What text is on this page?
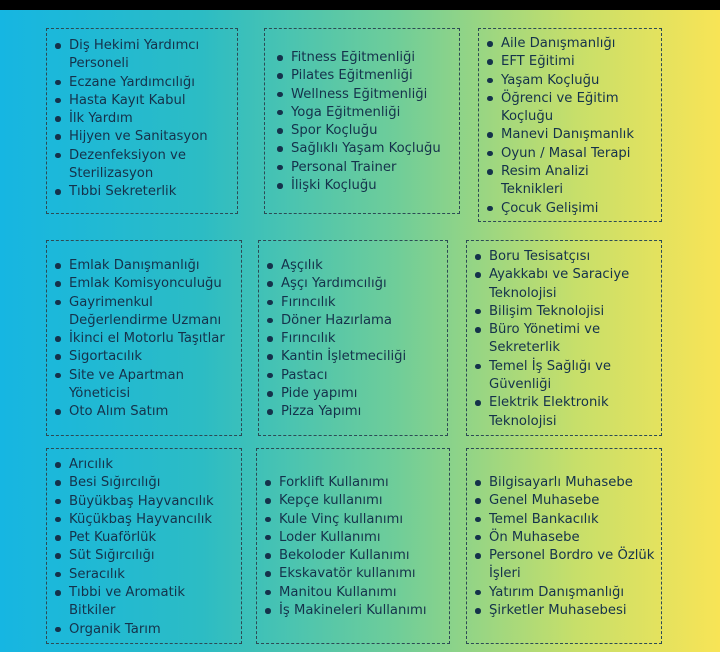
Diş Hekimi Yardımcı Personeli
Eczane Yardımcılığı
Hasta Kayıt Kabul
İlk Yardım
Hijyen ve Sanitasyon
Dezenfeksiyon ve Sterilizasyon
Tıbbi Sekreterlik
Fitness Eğitmenliği
Pilates Eğitmenliği
Wellness Eğitmenliği
Yoga Eğitmenliği
Spor Koçluğu
Sağlıklı Yaşam Koçluğu
Personal Trainer
İlişki Koçluğu
Aile Danışmanlığı
EFT Eğitimi
Yaşam Koçluğu
Öğrenci ve Eğitim Koçluğu
Manevi Danışmanlık
Oyun / Masal Terapi
Resim Analizi Teknikleri
Çocuk Gelişimi
Emlak Danışmanlığı
Emlak Komisyonculuğu
Gayrimenkul Değerlendirme Uzmanı
İkinci el Motorlu Taşıtlar
Sigortacılık
Site ve Apartman Yöneticisi
Oto Alım Satım
Aşçılık
Aşçı Yardımcılığı
Fırıncılık
Döner Hazırlama
Fırıncılık
Kantin İşletmeciliği
Pastacı
Pide yapımı
Pizza Yapımı
Boru Tesisatçısı
Ayakkabı ve Saraciye Teknolojisi
Bilişim Teknolojisi
Büro Yönetimi ve Sekreterlik
Temel İş Sağlığı ve Güvenliği
Elektrik Elektronik Teknolojisi
Arıcılık
Besi Sığırcılığı
Büyükbaş Hayvancılık
Küçükbaş Hayvancılık
Pet Kuaförlük
Süt Sığırcılığı
Seracılık
Tıbbi ve Aromatik Bitkiler
Organik Tarım
Forklift Kullanımı
Kepçe kullanımı
Kule Vinç kullanımı
Loder Kullanımı
Bekoloder Kullanımı
Ekskavatör kullanımı
Manitou Kullanımı
İş Makineleri Kullanımı
Bilgisayarlı Muhasebe
Genel Muhasebe
Temel Bankacılık
Ön Muhasebe
Personel Bordro ve Özlük İşleri
Yatırım Danışmanlığı
Şirketler Muhasebesi
